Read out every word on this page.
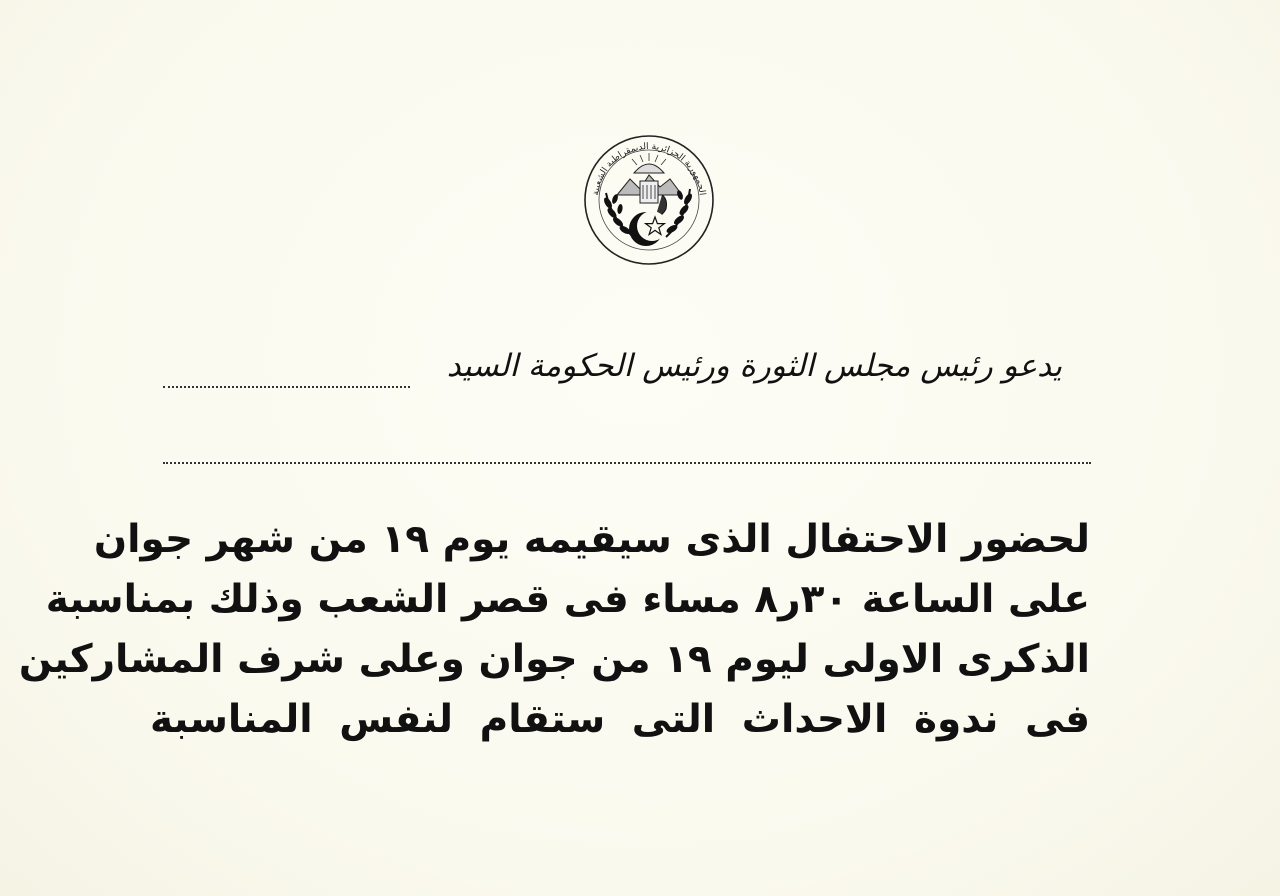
الجمهورية الجزائرية الديمقراطية الشعبية
يدعو رئيس مجلس الثورة ورئيس الحكومة السيد
لحضور الاحتفال الذى سيقيمه يوم ١٩ من شهر جوان
على الساعة ٣٠ر٨ مساء فى قصر الشعب وذلك بمناسبة
الذكرى الاولى ليوم ١٩ من جوان وعلى شرف المشاركين
فى ندوة الاحداث التى ستقام لنفس المناسبة
